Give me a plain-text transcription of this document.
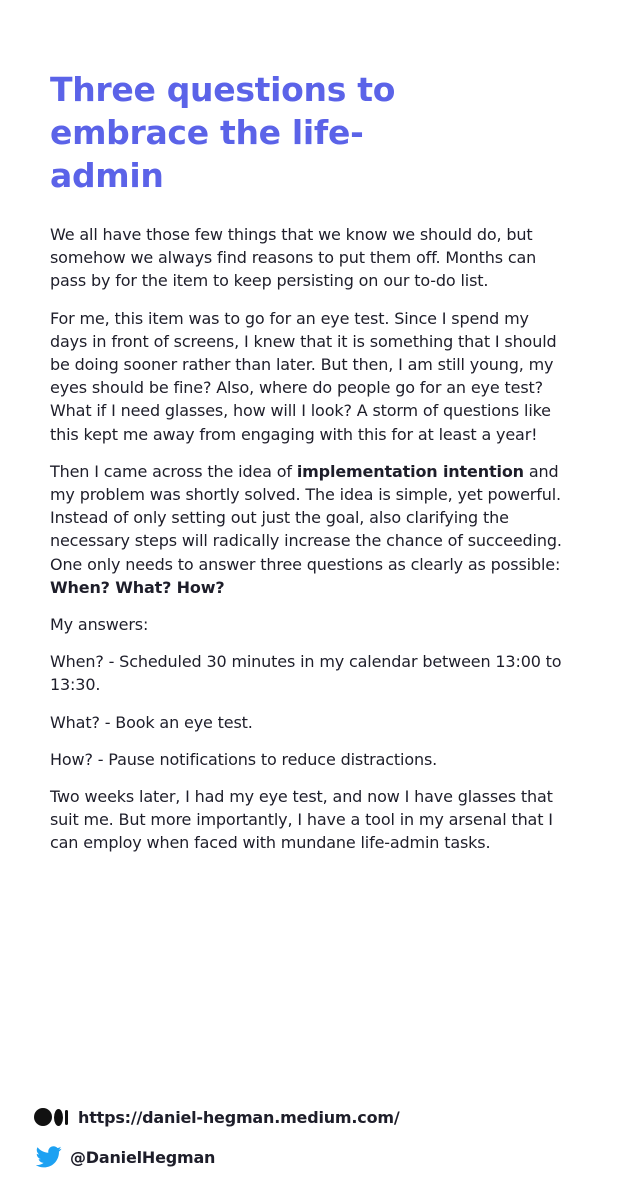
Three questions to embrace the life-admin

We all have those few things that we know we should do, but somehow we always find reasons to put them off. Months can pass by for the item to keep persisting on our to-do list.

For me, this item was to go for an eye test. Since I spend my days in front of screens, I knew that it is something that I should be doing sooner rather than later. But then, I am still young, my eyes should be fine? Also, where do people go for an eye test? What if I need glasses, how will I look? A storm of questions like this kept me away from engaging with this for at least a year!

Then I came across the idea of implementation intention and my problem was shortly solved. The idea is simple, yet powerful. Instead of only setting out just the goal, also clarifying the necessary steps will radically increase the chance of succeeding. One only needs to answer three questions as clearly as possible: When? What? How?

My answers:

When? - Scheduled 30 minutes in my calendar between 13:00 to 13:30.

What? - Book an eye test.

How? - Pause notifications to reduce distractions.

Two weeks later, I had my eye test, and now I have glasses that suit me. But more importantly, I have a tool in my arsenal that I can employ when faced with mundane life-admin tasks.

https://daniel-hegman.medium.com/
@DanielHegman
